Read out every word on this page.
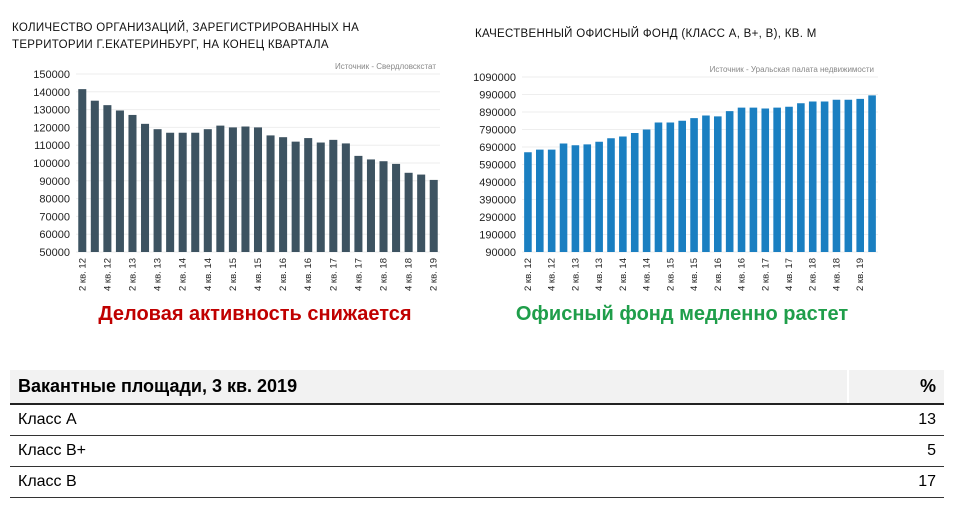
КОЛИЧЕСТВО ОРГАНИЗАЦИЙ, ЗАРЕГИСТРИРОВАННЫХ НА ТЕРРИТОРИИ Г.ЕКАТЕРИНБУРГ, НА КОНЕЦ КВАРТАЛА
КАЧЕСТВЕННЫЙ ОФИСНЫЙ ФОНД (КЛАСС А, В+, В), КВ. М
Источник - Свердловскстат
50000
60000
70000
80000
90000
100000
110000
120000
130000
140000
150000
2 кв. 12 4 кв. 12 2 кв. 13 4 кв. 13 2 кв. 14 4 кв. 14 2 кв. 15 4 кв. 15 2 кв. 16 4 кв. 16 2 кв. 17 4 кв. 17 2 кв. 18 4 кв. 18 2 кв. 19
Источник - Уральская палата недвижимости
90000
190000
290000
390000
490000
590000
690000
790000
890000
990000
1090000
2 кв. 12 4 кв. 12 2 кв. 13 4 кв. 13 2 кв. 14 4 кв. 14 2 кв. 15 4 кв. 15 2 кв. 16 4 кв. 16 2 кв. 17 4 кв. 17 2 кв. 18 4 кв. 18 2 кв. 19
Деловая активность снижается	Офисный фонд медленно растет
Вакантные площади, 3 кв. 2019	%
Класс А	13
Класс В+	5
Класс В	17
